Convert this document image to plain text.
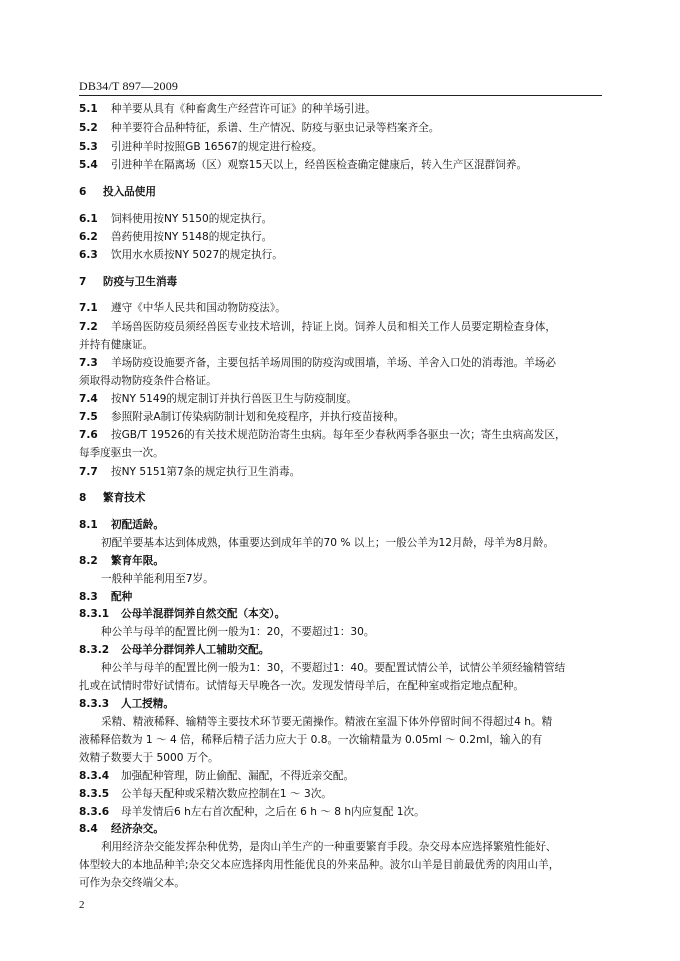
DB34/T 897—2009
5.1 种羊要从具有《种畜禽生产经营许可证》的种羊场引进。
5.2 种羊要符合品种特征，系谱、生产情况、防疫与驱虫记录等档案齐全。
5.3 引进种羊时按照GB 16567的规定进行检疫。
5.4 引进种羊在隔离场（区）观察15天以上，经兽医检查确定健康后，转入生产区混群饲养。
6 投入品使用
6.1 饲料使用按NY 5150的规定执行。
6.2 兽药使用按NY 5148的规定执行。
6.3 饮用水水质按NY 5027的规定执行。
7 防疫与卫生消毒
7.1 遵守《中华人民共和国动物防疫法》。
7.2 羊场兽医防疫员须经兽医专业技术培训，持证上岗。饲养人员和相关工作人员要定期检查身体，
并持有健康证。
7.3 羊场防疫设施要齐备，主要包括羊场周围的防疫沟或围墙，羊场、羊舍入口处的消毒池。羊场必
须取得动物防疫条件合格证。
7.4 按NY 5149的规定制订并执行兽医卫生与防疫制度。
7.5 参照附录A制订传染病防制计划和免疫程序，并执行疫苗接种。
7.6 按GB/T 19526的有关技术规范防治寄生虫病。每年至少春秋两季各驱虫一次；寄生虫病高发区，
每季度驱虫一次。
7.7 按NY 5151第7条的规定执行卫生消毒。
8 繁育技术
8.1 初配适龄。
初配羊要基本达到体成熟，体重要达到成年羊的70 % 以上；一般公羊为12月龄，母羊为8月龄。
8.2 繁育年限。
一般种羊能利用至7岁。
8.3 配种
8.3.1 公母羊混群饲养自然交配（本交）。
种公羊与母羊的配置比例一般为1：20，不要超过1：30。
8.3.2 公母羊分群饲养人工辅助交配。
种公羊与母羊的配置比例一般为1：30，不要超过1：40。要配置试情公羊，试情公羊须经输精管结
扎或在试情时带好试情布。试情每天早晚各一次。发现发情母羊后，在配种室或指定地点配种。
8.3.3 人工授精。
采精、精液稀释、输精等主要技术环节要无菌操作。精液在室温下体外停留时间不得超过4 h。精
液稀释倍数为 1 ～ 4 倍，稀释后精子活力应大于 0.8。一次输精量为 0.05ml ～ 0.2ml，输入的有
效精子数要大于 5000 万个。
8.3.4 加强配种管理，防止偷配、漏配，不得近亲交配。
8.3.5 公羊每天配种或采精次数应控制在1 ～ 3次。
8.3.6 母羊发情后6 h左右首次配种，之后在 6 h ～ 8 h内应复配 1次。
8.4 经济杂交。
利用经济杂交能发挥杂种优势，是肉山羊生产的一种重要繁育手段。杂交母本应选择繁殖性能好、
体型较大的本地品种羊;杂交父本应选择肉用性能优良的外来品种。波尔山羊是目前最优秀的肉用山羊，
可作为杂交终端父本。
2
